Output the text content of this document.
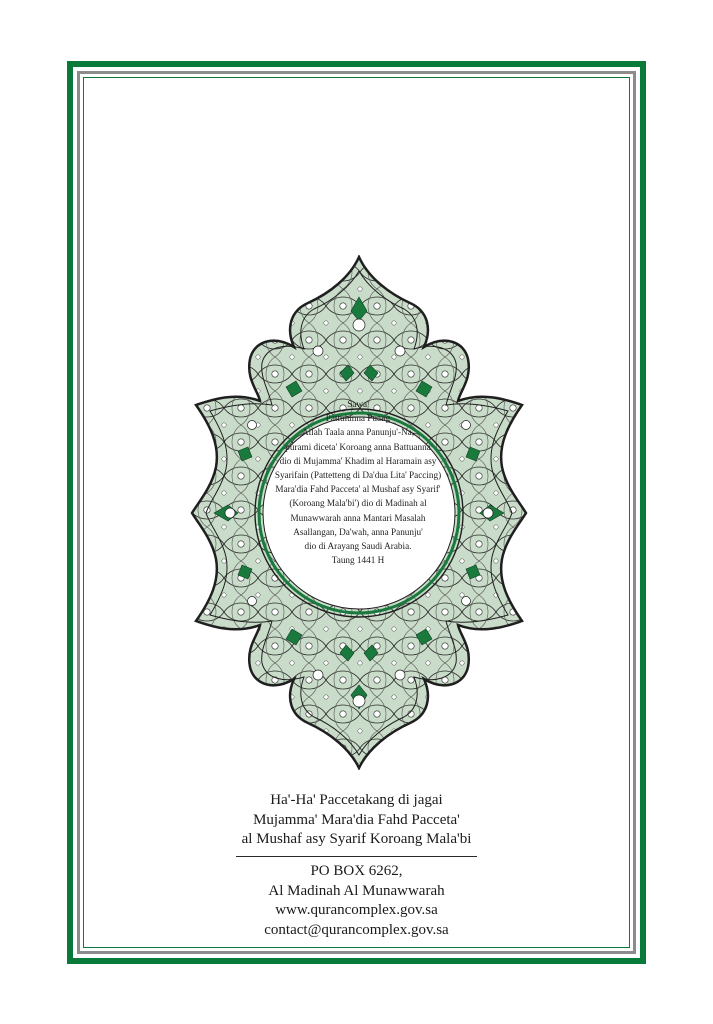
Sawa'
Pattulunna Puang
Allah Taala anna Panunju'-Na,
purami diceta' Koroang anna Battuanna
dio di Mujamma' Khadim al Haramain asy
Syarifain (Pattetteng di Da'dua Lita' Paccing)
Mara'dia Fahd Pacceta' al Mushaf asy Syarif'
(Koroang Mala'bi') dio di Madinah al
Munawwarah anna Mantari Masalah
Asallangan, Da'wah, anna Panunju'
dio di Arayang Saudi Arabia.
Taung 1441 H
Ha'-Ha' Paccetakang di jagai
Mujamma' Mara'dia Fahd Pacceta'
al Mushaf asy Syarif Koroang Mala'bi
PO BOX 6262,
Al Madinah Al Munawwarah
www.qurancomplex.gov.sa
contact@qurancomplex.gov.sa
